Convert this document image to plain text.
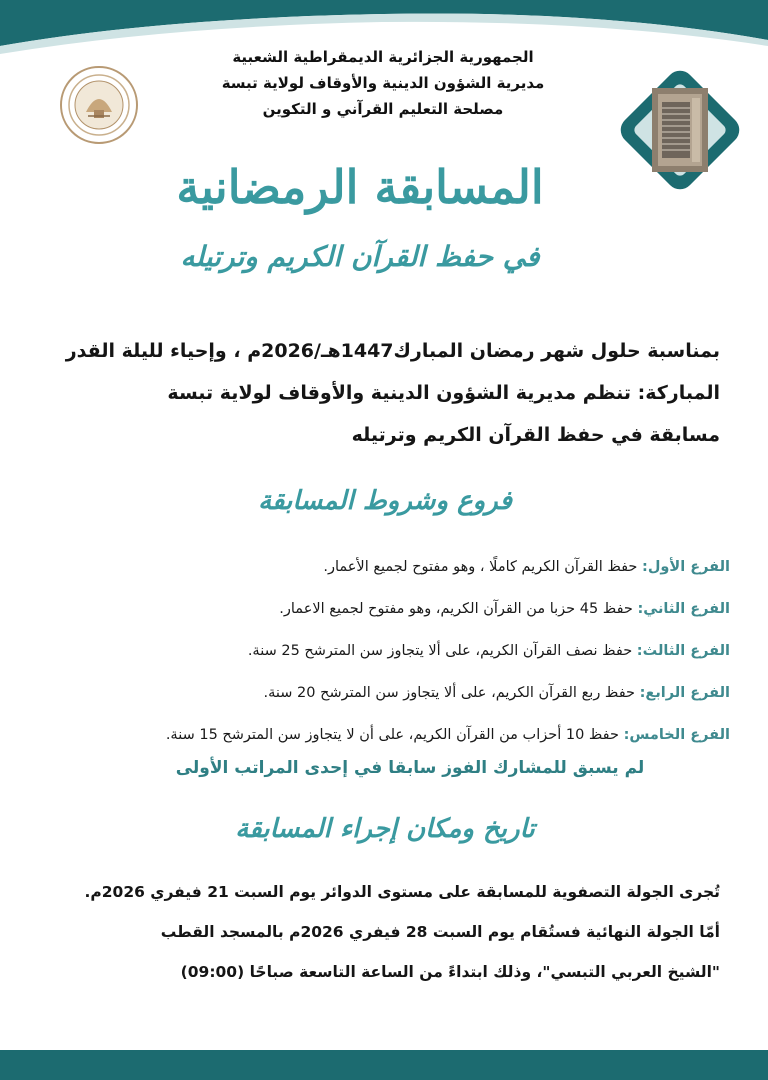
الجمهورية الجزائرية الديمقراطية الشعبية
مديرية الشؤون الدينية والأوقاف لولاية تبسة
مصلحة التعليم القرآني و التكوين
المسابقة الرمضانية
في حفظ القرآن الكريم وترتيله
بمناسبة حلول شهر رمضان المبارك1447هـ/2026م ، وإحياء لليلة القدر
المباركة: تنظم مديرية الشؤون الدينية والأوقاف لولاية تبسة
مسابقة في حفظ القرآن الكريم وترتيله
فروع وشروط المسابقة
الفرع الأول: حفظ القرآن الكريم كاملًا ، وهو مفتوح لجميع الأعمار.
الفرع الثاني: حفظ 45 حزبا من القرآن الكريم، وهو مفتوح لجميع الاعمار.
الفرع الثالث: حفظ نصف القرآن الكريم، على ألا يتجاوز سن المترشح 25 سنة.
الفرع الرابع: حفظ ربع القرآن الكريم، على ألا يتجاوز سن المترشح 20 سنة.
الفرع الخامس: حفظ 10 أحزاب من القرآن الكريم، على أن لا يتجاوز سن المترشح 15 سنة.
لم يسبق للمشارك الفوز سابقا في إحدى المراتب الأولى
تاريخ ومكان إجراء المسابقة
تُجرى الجولة التصفوية للمسابقة على مستوى الدوائر يوم السبت 21 فيفري 2026م.
أمّا الجولة النهائية فستُقام يوم السبت 28 فيفري 2026م بالمسجد القطب
"الشيخ العربي التبسي"، وذلك ابتداءً من الساعة التاسعة صباحًا (09:00)
